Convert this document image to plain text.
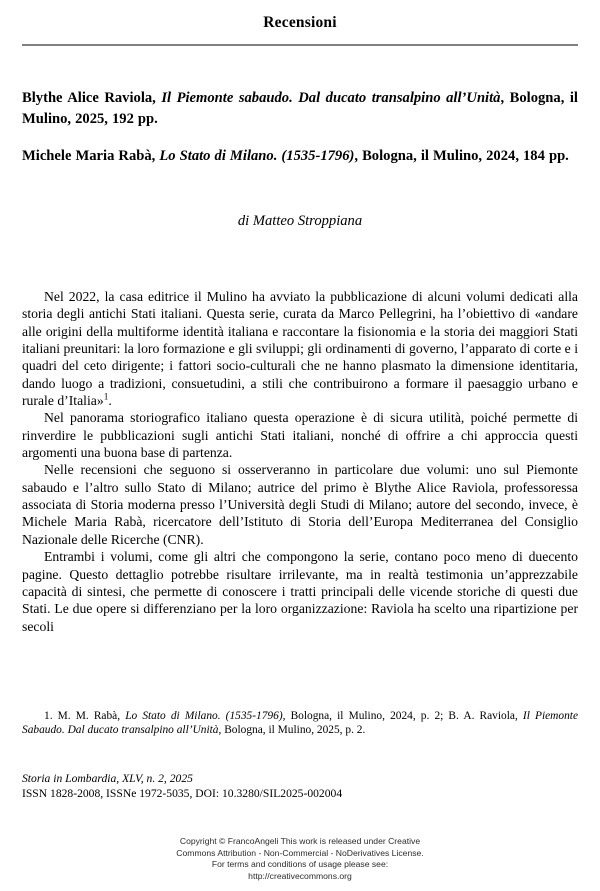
Recensioni
Blythe Alice Raviola, Il Piemonte sabaudo. Dal ducato transalpino all’Unità, Bologna, il Mulino, 2025, 192 pp.
Michele Maria Rabà, Lo Stato di Milano. (1535-1796), Bologna, il Mulino, 2024, 184 pp.
di Matteo Stroppiana

Nel 2022, la casa editrice il Mulino ha avviato la pubblicazione di alcuni volumi dedicati alla storia degli antichi Stati italiani. Questa serie, curata da Marco Pellegrini, ha l’obiettivo di «andare alle origini della multiforme identità italiana e raccontare la fisionomia e la storia dei maggiori Stati italiani preunitari: la loro formazione e gli sviluppi; gli ordinamenti di governo, l’apparato di corte e i quadri del ceto dirigente; i fattori socio-culturali che ne hanno plasmato la dimensione identitaria, dando luogo a tradizioni, consuetudini, a stili che contribuirono a formare il paesaggio urbano e rurale d’Italia»$^1$.

Nel panorama storiografico italiano questa operazione è di sicura utilità, poiché permette di rinverdire le pubblicazioni sugli antichi Stati italiani, nonché di offrire a chi approccia questi argomenti una buona base di partenza.

Nelle recensioni che seguono si osserveranno in particolare due volumi: uno sul Piemonte sabaudo e l’altro sullo Stato di Milano; autrice del primo è Blythe Alice Raviola, professoressa associata di Storia moderna presso l’Università degli Studi di Milano; autore del secondo, invece, è Michele Maria Rabà, ricercatore dell’Istituto di Storia dell’Europa Mediterranea del Consiglio Nazionale delle Ricerche (CNR).

Entrambi i volumi, come gli altri che compongono la serie, contano poco meno di duecento pagine. Questo dettaglio potrebbe risultare irrilevante, ma in realtà testimonia un’apprezzabile capacità di sintesi, che permette di conoscere i tratti principali delle vicende storiche di questi due Stati. Le due opere si differenziano per la loro organizzazione: Raviola ha scelto una ripartizione per secoli

1. M. M. Rabà, Lo Stato di Milano. (1535-1796), Bologna, il Mulino, 2024, p. 2; B. A. Raviola, Il Piemonte Sabaudo. Dal ducato transalpino all’Unità, Bologna, il Mulino, 2025, p. 2.

Storia in Lombardia, XLV, n. 2, 2025
ISSN 1828-2008, ISSNe 1972-5035, DOI: 10.3280/SIL2025-002004
Copyright © FrancoAngeli This work is released under Creative
Commons Attribution - Non-Commercial - NoDerivatives License.
For terms and conditions of usage please see:
http://creativecommons.org
